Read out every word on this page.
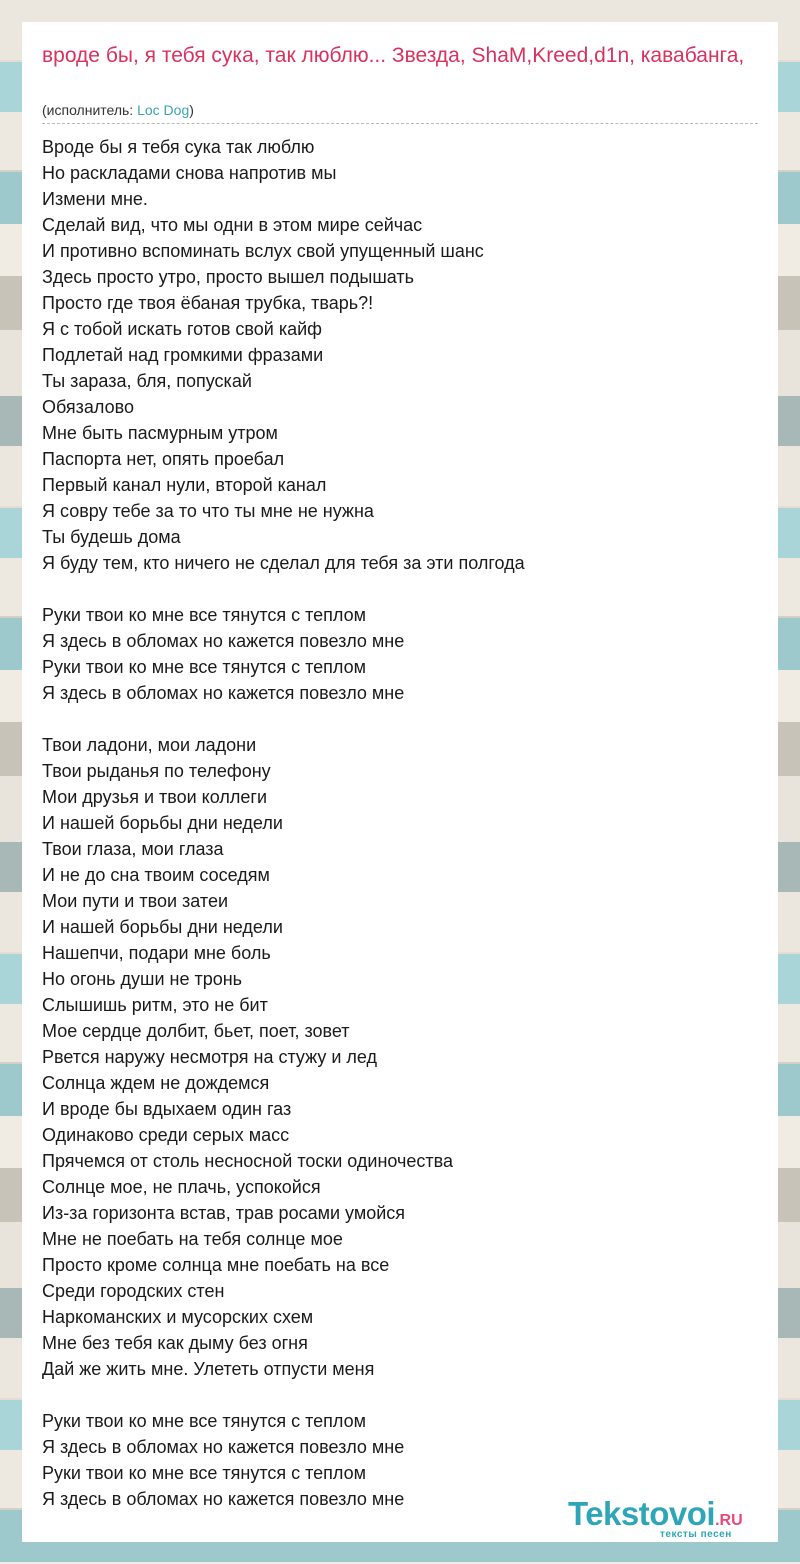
вроде бы, я тебя сука, так люблю... Звезда, ShaM,Kreed,d1n, кавабанга,
(исполнитель: Loc Dog)
Вроде бы я тебя сука так люблю
Но раскладами снова напротив мы
Измени мне.
Сделай вид, что мы одни в этом мире сейчас
И противно вспоминать вслух свой упущенный шанс
Здесь просто утро, просто вышел подышать
Просто где твоя ёбаная трубка, тварь?!
Я с тобой искать готов свой кайф
Подлетай над громкими фразами
Ты зараза, бля, попускай
Обязалово
Мне быть пасмурным утром
Паспорта нет, опять проебал
Первый канал нули, второй канал
Я совру тебе за то что ты мне не нужна
Ты будешь дома
Я буду тем, кто ничего не сделал для тебя за эти полгода
Руки твои ко мне все тянутся с теплом
Я здесь в обломах но кажется повезло мне
Руки твои ко мне все тянутся с теплом
Я здесь в обломах но кажется повезло мне
Твои ладони, мои ладони
Твои рыданья по телефону
Мои друзья и твои коллеги
И нашей борьбы дни недели
Твои глаза, мои глаза
И не до сна твоим соседям
Мои пути и твои затеи
И нашей борьбы дни недели
Нашепчи, подари мне боль
Но огонь души не тронь
Слышишь ритм, это не бит
Мое сердце долбит, бьет, поет, зовет
Рвется наружу несмотря на стужу и лед
Солнца ждем не дождемся
И вроде бы вдыхаем один газ
Одинаково среди серых масс
Прячемся от столь несносной тоски одиночества
Солнце мое, не плачь, успокойся
Из-за горизонта встав, трав росами умойся
Мне не поебать на тебя солнце мое
Просто кроме солнца мне поебать на все
Среди городских стен
Наркоманских и мусорских схем
Мне без тебя как дыму без огня
Дай же жить мне. Улететь отпусти меня
Руки твои ко мне все тянутся с теплом
Я здесь в обломах но кажется повезло мне
Руки твои ко мне все тянутся с теплом
Я здесь в обломах но кажется повезло мне	Tekstovoi.RU
тексты песен
